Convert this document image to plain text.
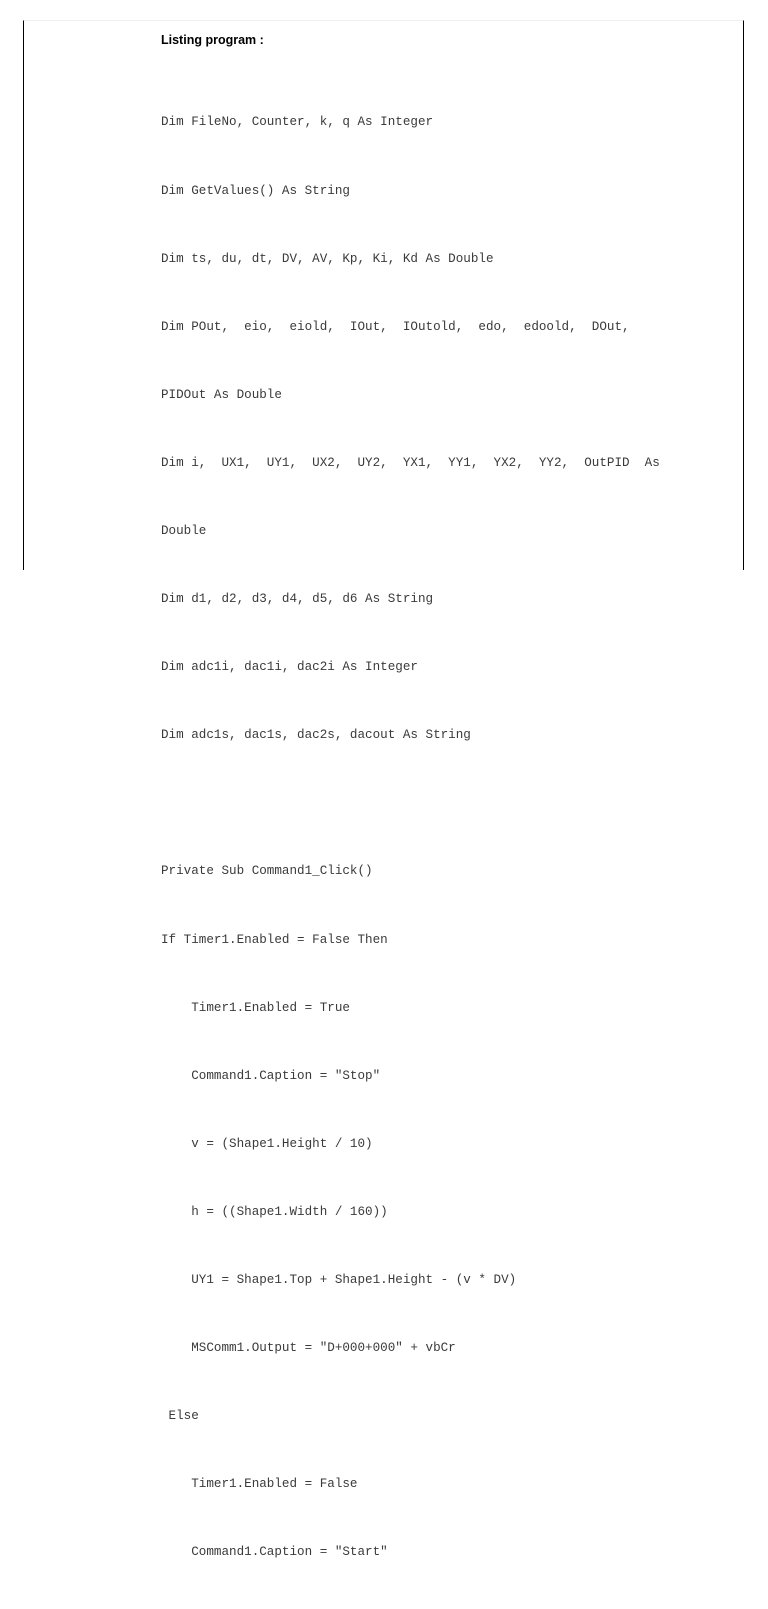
Listing program :

Dim FileNo, Counter, k, q As Integer

Dim GetValues() As String

Dim ts, du, dt, DV, AV, Kp, Ki, Kd As Double

Dim POut,  eio,  eiold,  IOut,  IOutold,  edo,  edoold,  DOut,

PIDOut As Double

Dim i,  UX1,  UY1,  UX2,  UY2,  YX1,  YY1,  YX2,  YY2,  OutPID  As

Double

Dim d1, d2, d3, d4, d5, d6 As String

Dim adc1i, dac1i, dac2i As Integer

Dim adc1s, dac1s, dac2s, dacout As String

Private Sub Command1_Click()

If Timer1.Enabled = False Then

Timer1.Enabled = True

Command1.Caption = "Stop"

v = (Shape1.Height / 10)

h = ((Shape1.Width / 160))

UY1 = Shape1.Top + Shape1.Height - (v * DV)

MSComm1.Output = "D+000+000" + vbCr

Else

Timer1.Enabled = False

Command1.Caption = "Start"
